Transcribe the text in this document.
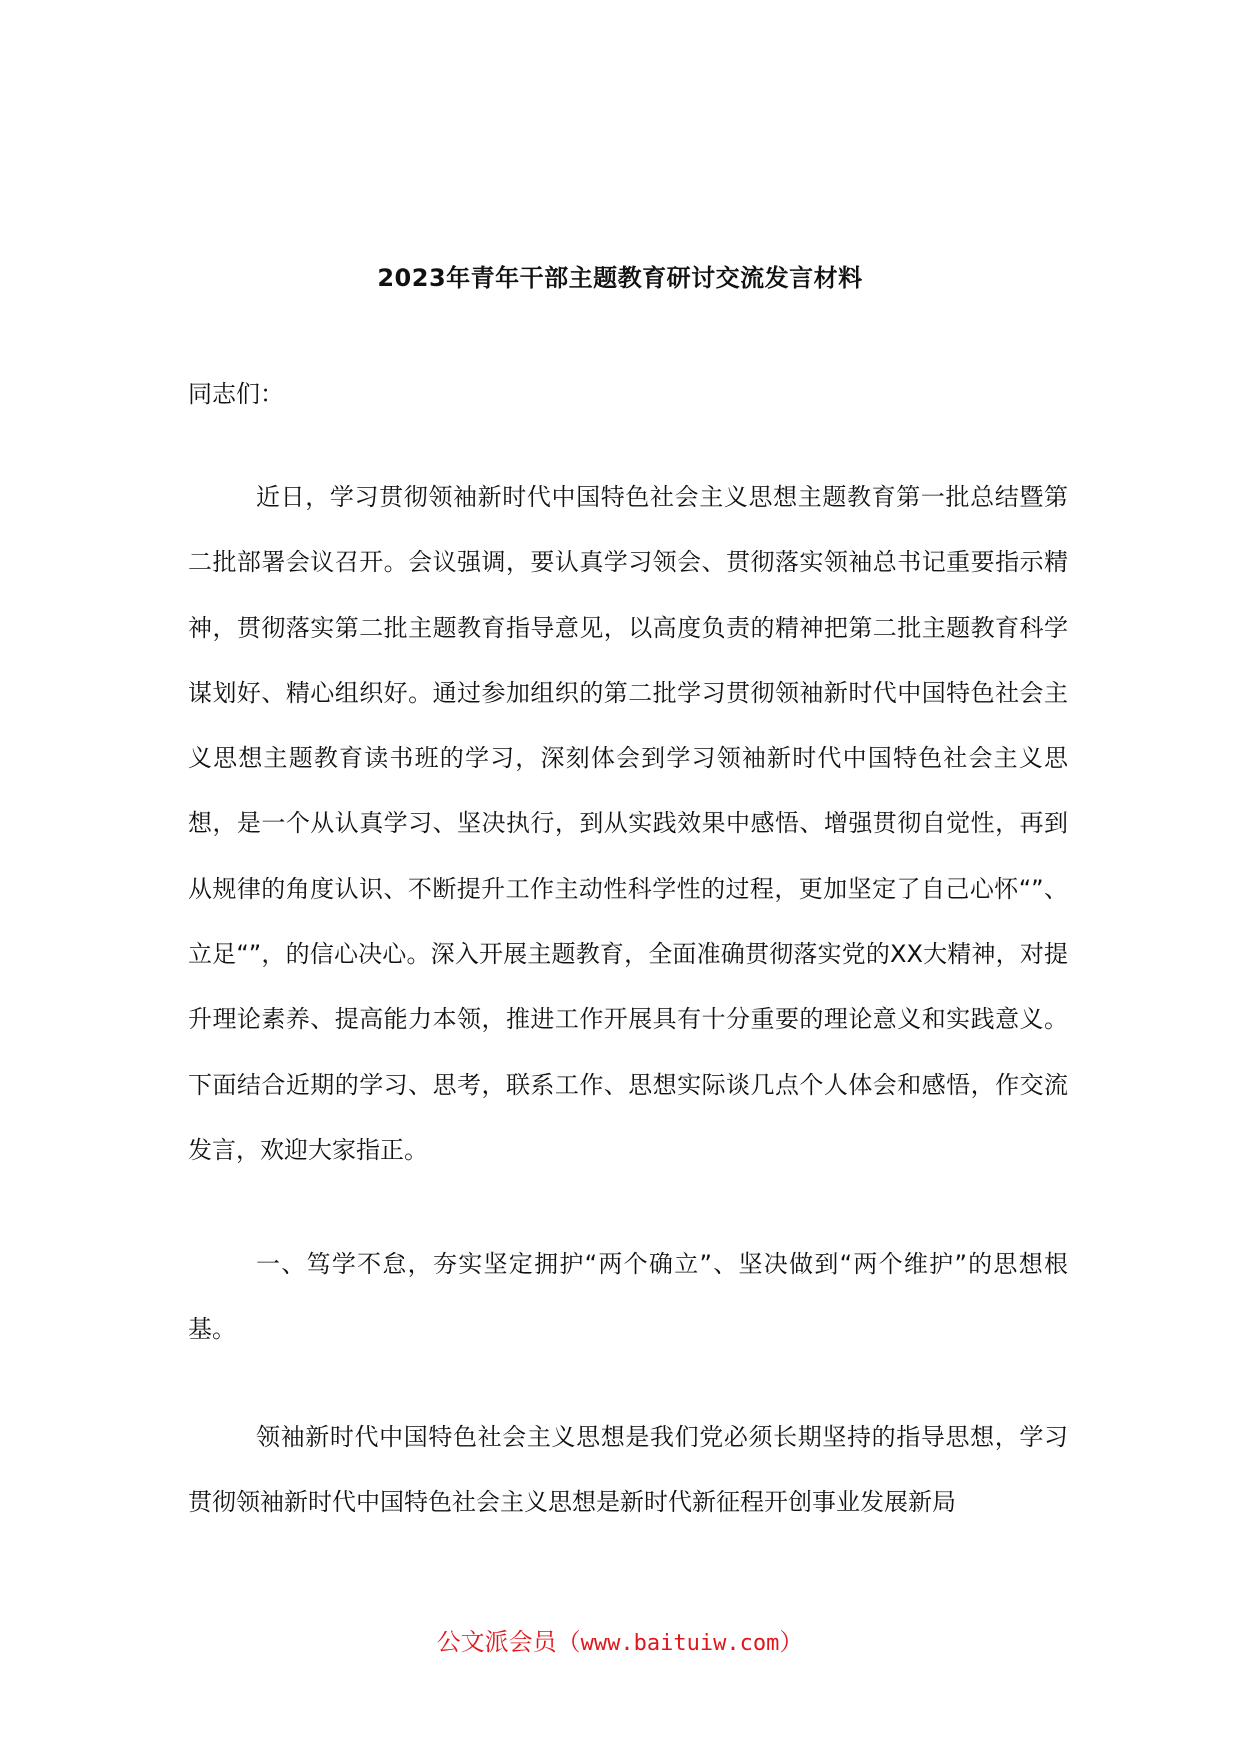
2023年青年干部主题教育研讨交流发言材料
同志们：

近日，学习贯彻领袖新时代中国特色社会主义思想主题教育第一批总结暨第二批部署会议召开。会议强调，要认真学习领会、贯彻落实领袖总书记重要指示精神，贯彻落实第二批主题教育指导意见，以高度负责的精神把第二批主题教育科学谋划好、精心组织好。通过参加组织的第二批学习贯彻领袖新时代中国特色社会主义思想主题教育读书班的学习，深刻体会到学习领袖新时代中国特色社会主义思想，是一个从认真学习、坚决执行，到从实践效果中感悟、增强贯彻自觉性，再到从规律的角度认识、不断提升工作主动性科学性的过程，更加坚定了自己心怀“”、立足“”，的信心决心。深入开展主题教育，全面准确贯彻落实党的XX大精神，对提升理论素养、提高能力本领，推进工作开展具有十分重要的理论意义和实践意义。下面结合近期的学习、思考，联系工作、思想实际谈几点个人体会和感悟，作交流发言，欢迎大家指正。

一、笃学不怠，夯实坚定拥护“两个确立”、坚决做到“两个维护”的思想根基。

领袖新时代中国特色社会主义思想是我们党必须长期坚持的指导思想，学习贯彻领袖新时代中国特色社会主义思想是新时代新征程开创事业发展新局

公文派会员（www.baituiw.com）
